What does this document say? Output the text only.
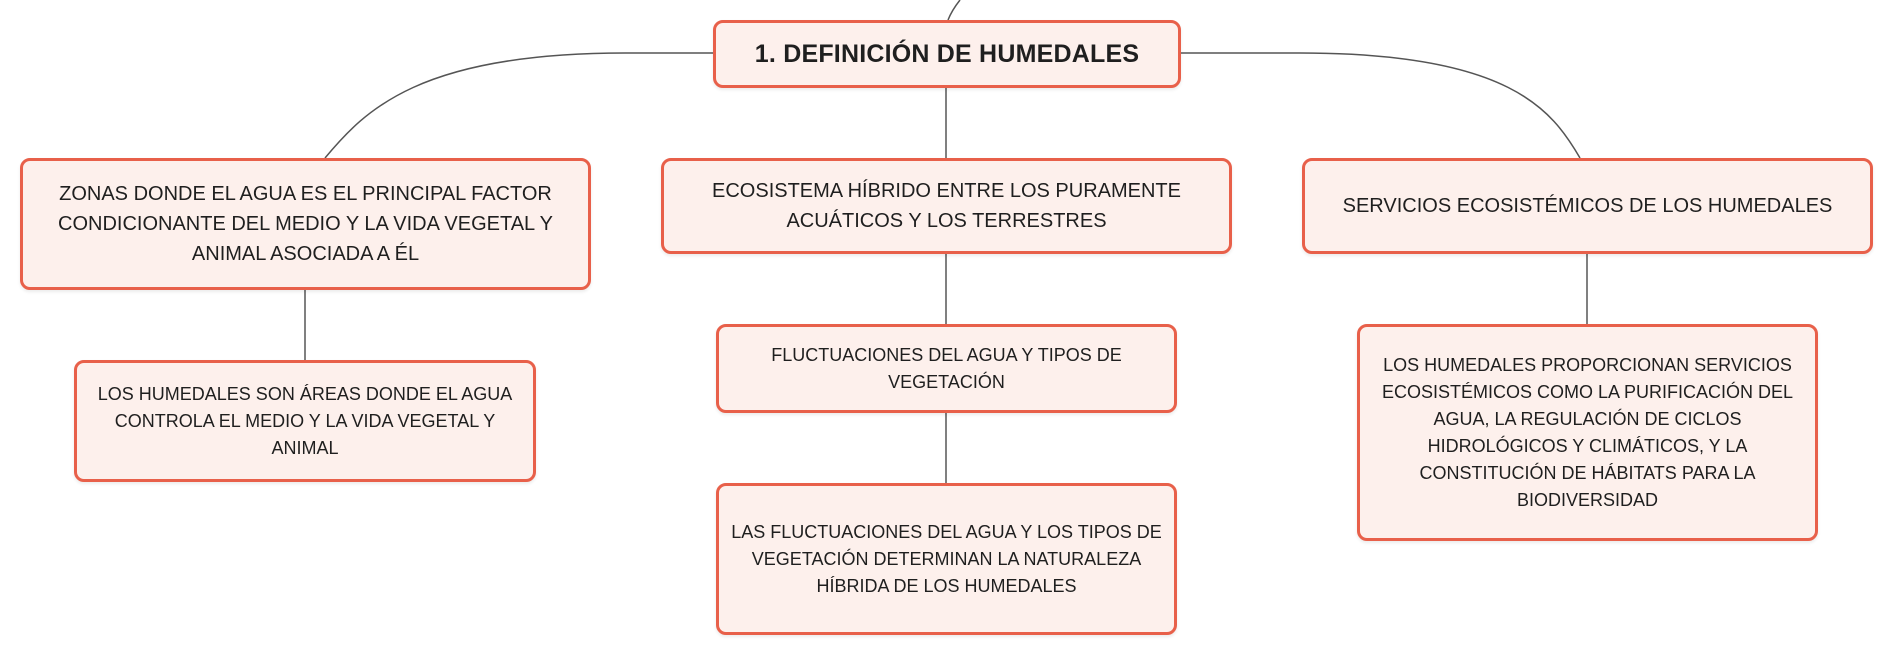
1. DEFINICIÓN DE HUMEDALES
ZONAS DONDE EL AGUA ES EL PRINCIPAL FACTOR CONDICIONANTE DEL MEDIO Y LA VIDA VEGETAL Y ANIMAL ASOCIADA A ÉL
ECOSISTEMA HÍBRIDO ENTRE LOS PURAMENTE ACUÁTICOS Y LOS TERRESTRES
SERVICIOS ECOSISTÉMICOS DE LOS HUMEDALES
LOS HUMEDALES SON ÁREAS DONDE EL AGUA CONTROLA EL MEDIO Y LA VIDA VEGETAL Y ANIMAL
FLUCTUACIONES DEL AGUA Y TIPOS DE VEGETACIÓN
LAS FLUCTUACIONES DEL AGUA Y LOS TIPOS DE VEGETACIÓN DETERMINAN LA NATURALEZA HÍBRIDA DE LOS HUMEDALES
LOS HUMEDALES PROPORCIONAN SERVICIOS ECOSISTÉMICOS COMO LA PURIFICACIÓN DEL AGUA, LA REGULACIÓN DE CICLOS HIDROLÓGICOS Y CLIMÁTICOS, Y LA CONSTITUCIÓN DE HÁBITATS PARA LA BIODIVERSIDAD
